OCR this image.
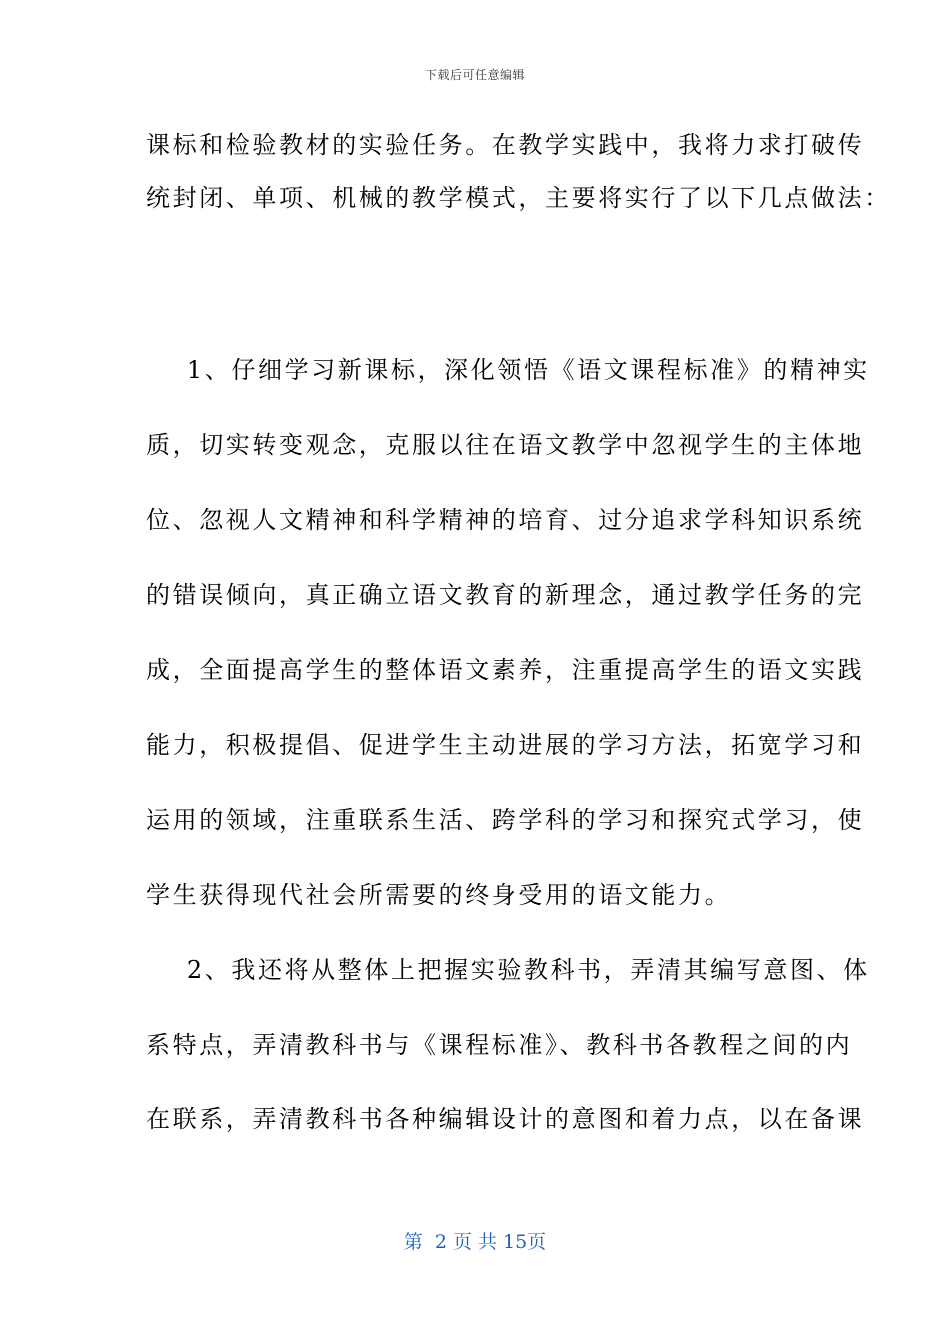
下载后可任意编辑
课标和检验教材的实验任务。在教学实践中，我将力求打破传
统封闭、单项、机械的教学模式，主要将实行了以下几点做法：
1、仔细学习新课标，深化领悟《语文课程标准》的精神实
质，切实转变观念，克服以往在语文教学中忽视学生的主体地
位、忽视人文精神和科学精神的培育、过分追求学科知识系统
的错误倾向，真正确立语文教育的新理念，通过教学任务的完
成，全面提高学生的整体语文素养，注重提高学生的语文实践
能力，积极提倡、促进学生主动进展的学习方法，拓宽学习和
运用的领域，注重联系生活、跨学科的学习和探究式学习，使
学生获得现代社会所需要的终身受用的语文能力。
2、我还将从整体上把握实验教科书，弄清其编写意图、体
系特点，弄清教科书与《课程标准》、教科书各教程之间的内
在联系，弄清教科书各种编辑设计的意图和着力点，以在备课
第  2 页 共 15页
